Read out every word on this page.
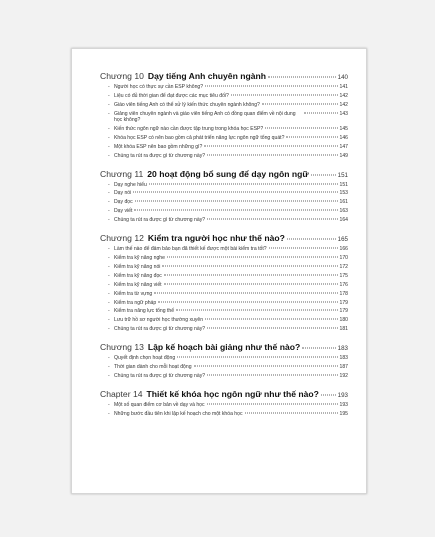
Chương 10 Dạy tiếng Anh chuyên ngành	140
- Người học có thực sự cần ESP không?	141
- Liệu có đủ thời gian để đạt được các mục tiêu đối?	142
- Giáo viên tiếng Anh có thể xử lý kiến thức chuyên ngành không?	142
- Giảng viên chuyên ngành và giáo viên tiếng Anh có đồng quan điểm về nội dung học không?
143
- Kiến thức ngôn ngữ nào cần được tập trung trong khóa học ESP?	145
- Khóa học ESP có nên bao gồm cả phát triển năng lực ngôn ngữ tổng quát?	146
- Một khóa ESP nên bao gồm những gì?	147
- Chúng ta rút ra được gì từ chương này?	149
Chương 11 20 hoạt động bổ sung để dạy ngôn ngữ	151
- Dạy nghe hiểu	151
- Dạy nói	153
- Dạy đọc	161
- Dạy viết	163
- Chúng ta rút ra được gì từ chương này?	164
Chương 12 Kiểm tra người học như thế nào?	165
- Làm thế nào để đảm bảo bạn đã thiết kế được một bài kiểm tra tốt?	166
- Kiểm tra kỹ năng nghe	170
- Kiểm tra kỹ năng nói	172
- Kiểm tra kỹ năng đọc	175
- Kiểm tra kỹ năng viết	176
- Kiểm tra từ vựng	178
- Kiểm tra ngữ pháp	179
- Kiểm tra năng lực tổng thể	179
- Lưu trữ hồ sơ người học thường xuyên	180
- Chúng ta rút ra được gì từ chương này?	181
Chương 13 Lập kế hoạch bài giảng như thế nào?	183
- Quyết định chọn hoạt động	183
- Thời gian dành cho mỗi hoạt động	187
- Chúng ta rút ra được gì từ chương này?	192
Chapter 14 Thiết kế khóa học ngôn ngữ như thế nào?	193
- Một số quan điểm cơ bản về dạy và học	193
- Những bước đầu tiên khi lập kế hoạch cho một khóa học	195
